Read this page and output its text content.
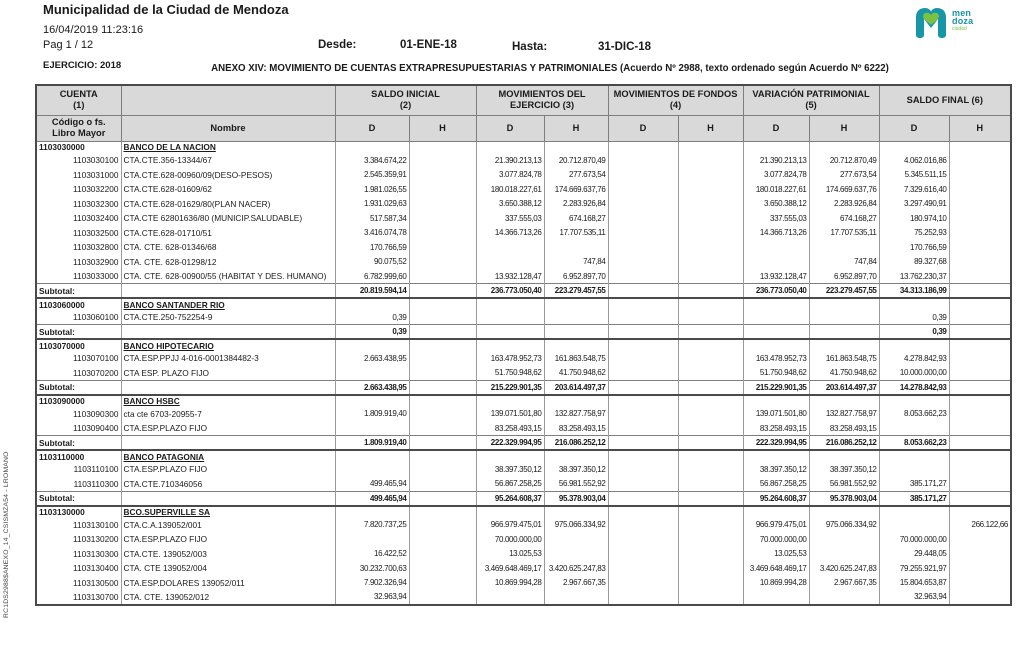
Municipalidad de la Ciudad de Mendoza	men
doza
ciudad
16/04/2019 11:23:16
Pag 1 / 12	Desde:	01-ENE-18	Hasta:	31-DIC-18
EJERCICIO: 2018	ANEXO XIV: MOVIMIENTO DE CUENTAS EXTRAPRESUPUESTARIAS Y PATRIMONIALES (Acuerdo Nº 2988, texto ordenado según Acuerdo Nº 6222)
RC1DS2988$ANEXO_14_CSISMZA54 - LROMANO
CUENTA
(1)		SALDO INICIAL
(2)		MOVIMIENTOS DEL
EJERCICIO (3)		MOVIMIENTOS DE FONDOS
(4)		VARIACIÓN PATRIMONIAL
(5)		SALDO FINAL (6)	

Código o fs.
Libro Mayor	Nombre	D	H	D	H	D	H	D	H	D	H
1103030000	BANCO DE LA NACION										
1103030100	CTA.CTE.356-13344/67	3.384.674,22		21.390.213,13	20.712.870,49			21.390.213,13	20.712.870,49	4.062.016,86	
1103031000	CTA.CTE.628-00960/09(DESO-PESOS)	2.545.359,91		3.077.824,78	277.673,54			3.077.824,78	277.673,54	5.345.511,15	
1103032200	CTA.CTE.628-01609/62	1.981.026,55		180.018.227,61	174.669.637,76			180.018.227,61	174.669.637,76	7.329.616,40	
1103032300	CTA.CTE.628-01629/80(PLAN NACER)	1.931.029,63		3.650.388,12	2.283.926,84			3.650.388,12	2.283.926,84	3.297.490,91	
1103032400	CTA.CTE 62801636/80 (MUNICIP.SALUDABLE)	517.587,34		337.555,03	674.168,27			337.555,03	674.168,27	180.974,10	
1103032500	CTA.CTE.628-01710/51	3.416.074,78		14.366.713,26	17.707.535,11			14.366.713,26	17.707.535,11	75.252,93	
1103032800	CTA. CTE. 628-01346/68	170.766,59								170.766,59	
1103032900	CTA. CTE. 628-01298/12	90.075,52			747,84				747,84	89.327,68	
1103033000	CTA. CTE. 628-00900/55 (HABITAT Y DES. HUMANO)	6.782.999,60		13.932.128,47	6.952.897,70			13.932.128,47	6.952.897,70	13.762.230,37	
Subtotal:		20.819.594,14		236.773.050,40	223.279.457,55			236.773.050,40	223.279.457,55	34.313.186,99	
1103060000	BANCO SANTANDER RIO										
1103060100	CTA.CTE.250-752254-9	0,39								0,39	
Subtotal:		0,39								0,39	
1103070000	BANCO HIPOTECARIO										
1103070100	CTA.ESP.PPJJ 4-016-0001384482-3	2.663.438,95		163.478.952,73	161.863.548,75			163.478.952,73	161.863.548,75	4.278.842,93	
1103070200	CTA ESP. PLAZO FIJO			51.750.948,62	41.750.948,62			51.750.948,62	41.750.948,62	10.000.000,00	
Subtotal:		2.663.438,95		215.229.901,35	203.614.497,37			215.229.901,35	203.614.497,37	14.278.842,93	
1103090000	BANCO HSBC										
1103090300	cta cte 6703-20955-7	1.809.919,40		139.071.501,80	132.827.758,97			139.071.501,80	132.827.758,97	8.053.662,23	
1103090400	CTA.ESP.PLAZO FIJO			83.258.493,15	83.258.493,15			83.258.493,15	83.258.493,15		
Subtotal:		1.809.919,40		222.329.994,95	216.086.252,12			222.329.994,95	216.086.252,12	8.053.662,23	
1103110000	BANCO PATAGONIA										
1103110100	CTA.ESP.PLAZO FIJO			38.397.350,12	38.397.350,12			38.397.350,12	38.397.350,12		
1103110300	CTA.CTE.710346056	499.465,94		56.867.258,25	56.981.552,92			56.867.258,25	56.981.552,92	385.171,27	
Subtotal:		499.465,94		95.264.608,37	95.378.903,04			95.264.608,37	95.378.903,04	385.171,27	
1103130000	BCO.SUPERVILLE SA										
1103130100	CTA.C.A.139052/001	7.820.737,25		966.979.475,01	975.066.334,92			966.979.475,01	975.066.334,92		266.122,66
1103130200	CTA.ESP.PLAZO FIJO			70.000.000,00				70.000.000,00		70.000.000,00	
1103130300	CTA.CTE. 139052/003	16.422,52		13.025,53				13.025,53		29.448,05	
1103130400	CTA. CTE 139052/004	30.232.700,63		3.469.648.469,17	3.420.625.247,83			3.469.648.469,17	3.420.625.247,83	79.255.921,97	
1103130500	CTA.ESP.DOLARES 139052/011	7.902.326,94		10.869.994,28	2.967.667,35			10.869.994,28	2.967.667,35	15.804.653,87	
1103130700	CTA. CTE. 139052/012	32.963,94								32.963,94	
